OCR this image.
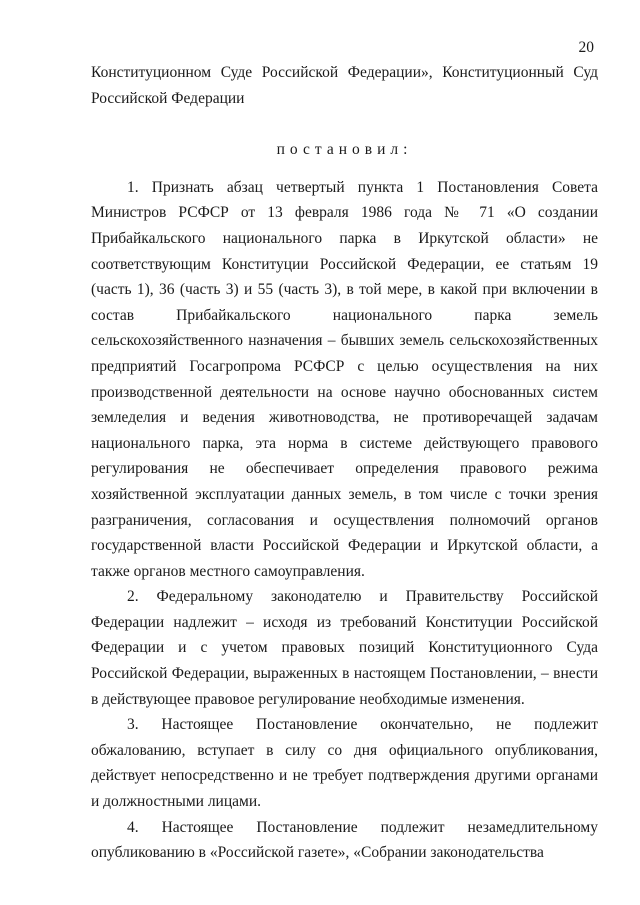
20

Конституционном Суде Российской Федерации», Конституционный Суд Российской Федерации

постановил:

1. Признать абзац четвертый пункта 1 Постановления Совета Министров РСФСР от 13 февраля 1986 года № 71 «О создании Прибайкальского национального парка в Иркутской области» не соответствующим Конституции Российской Федерации, ее статьям 19 (часть 1), 36 (часть 3) и 55 (часть 3), в той мере, в какой при включении в состав Прибайкальского национального парка земель сельскохозяйственного назначения – бывших земель сельскохозяйственных предприятий Госагропрома РСФСР с целью осуществления на них производственной деятельности на основе научно обоснованных систем земледелия и ведения животноводства, не противоречащей задачам национального парка, эта норма в системе действующего правового регулирования не обеспечивает определения правового режима хозяйственной эксплуатации данных земель, в том числе с точки зрения разграничения, согласования и осуществления полномочий органов государственной власти Российской Федерации и Иркутской области, а также органов местного самоуправления.

2. Федеральному законодателю и Правительству Российской Федерации надлежит – исходя из требований Конституции Российской Федерации и с учетом правовых позиций Конституционного Суда Российской Федерации, выраженных в настоящем Постановлении, – внести в действующее правовое регулирование необходимые изменения.

3. Настоящее Постановление окончательно, не подлежит обжалованию, вступает в силу со дня официального опубликования, действует непосредственно и не требует подтверждения другими органами и должностными лицами.

4. Настоящее Постановление подлежит незамедлительному опубликованию в «Российской газете», «Собрании законодательства
